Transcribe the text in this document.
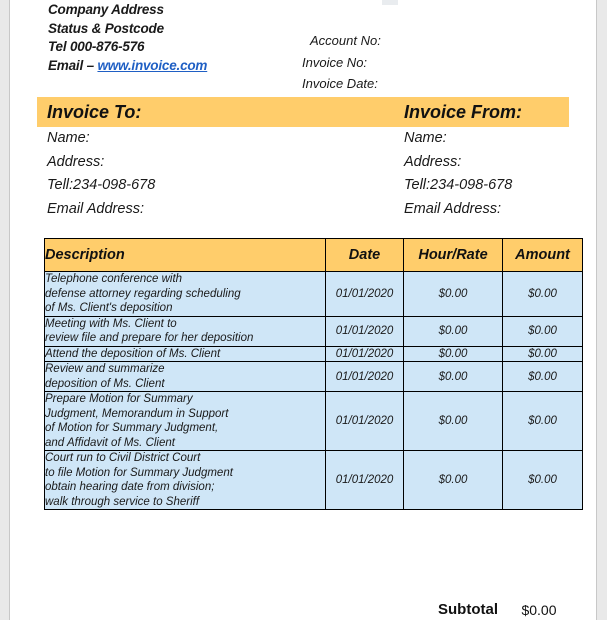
Company Address
Status & Postcode
Tel 000-876-576
Email – www.invoice.com
Account No:
Invoice No:
Invoice Date:
Invoice To:	Invoice From:
Name:
Address:
Tell:234-098-678
Email Address:
Name:
Address:
Tell:234-098-678
Email Address:
Description	Date	Hour/Rate	Amount

Telephone conference with
defense attorney regarding scheduling
of Ms. Client's deposition	01/01/2020	$0.00	$0.00

Meeting with Ms. Client to
review file and prepare for her deposition	01/01/2020	$0.00	$0.00

Attend the deposition of Ms. Client	01/01/2020	$0.00	$0.00

Review and summarize
deposition of Ms. Client	01/01/2020	$0.00	$0.00

Prepare Motion for Summary
Judgment, Memorandum in Support
of Motion for Summary Judgment,
and Affidavit of Ms. Client	01/01/2020	$0.00	$0.00

Court run to Civil District Court
to file Motion for Summary Judgment
obtain hearing date from division;
walk through service to Sheriff	01/01/2020	$0.00	$0.00
Subtotal	$0.00
